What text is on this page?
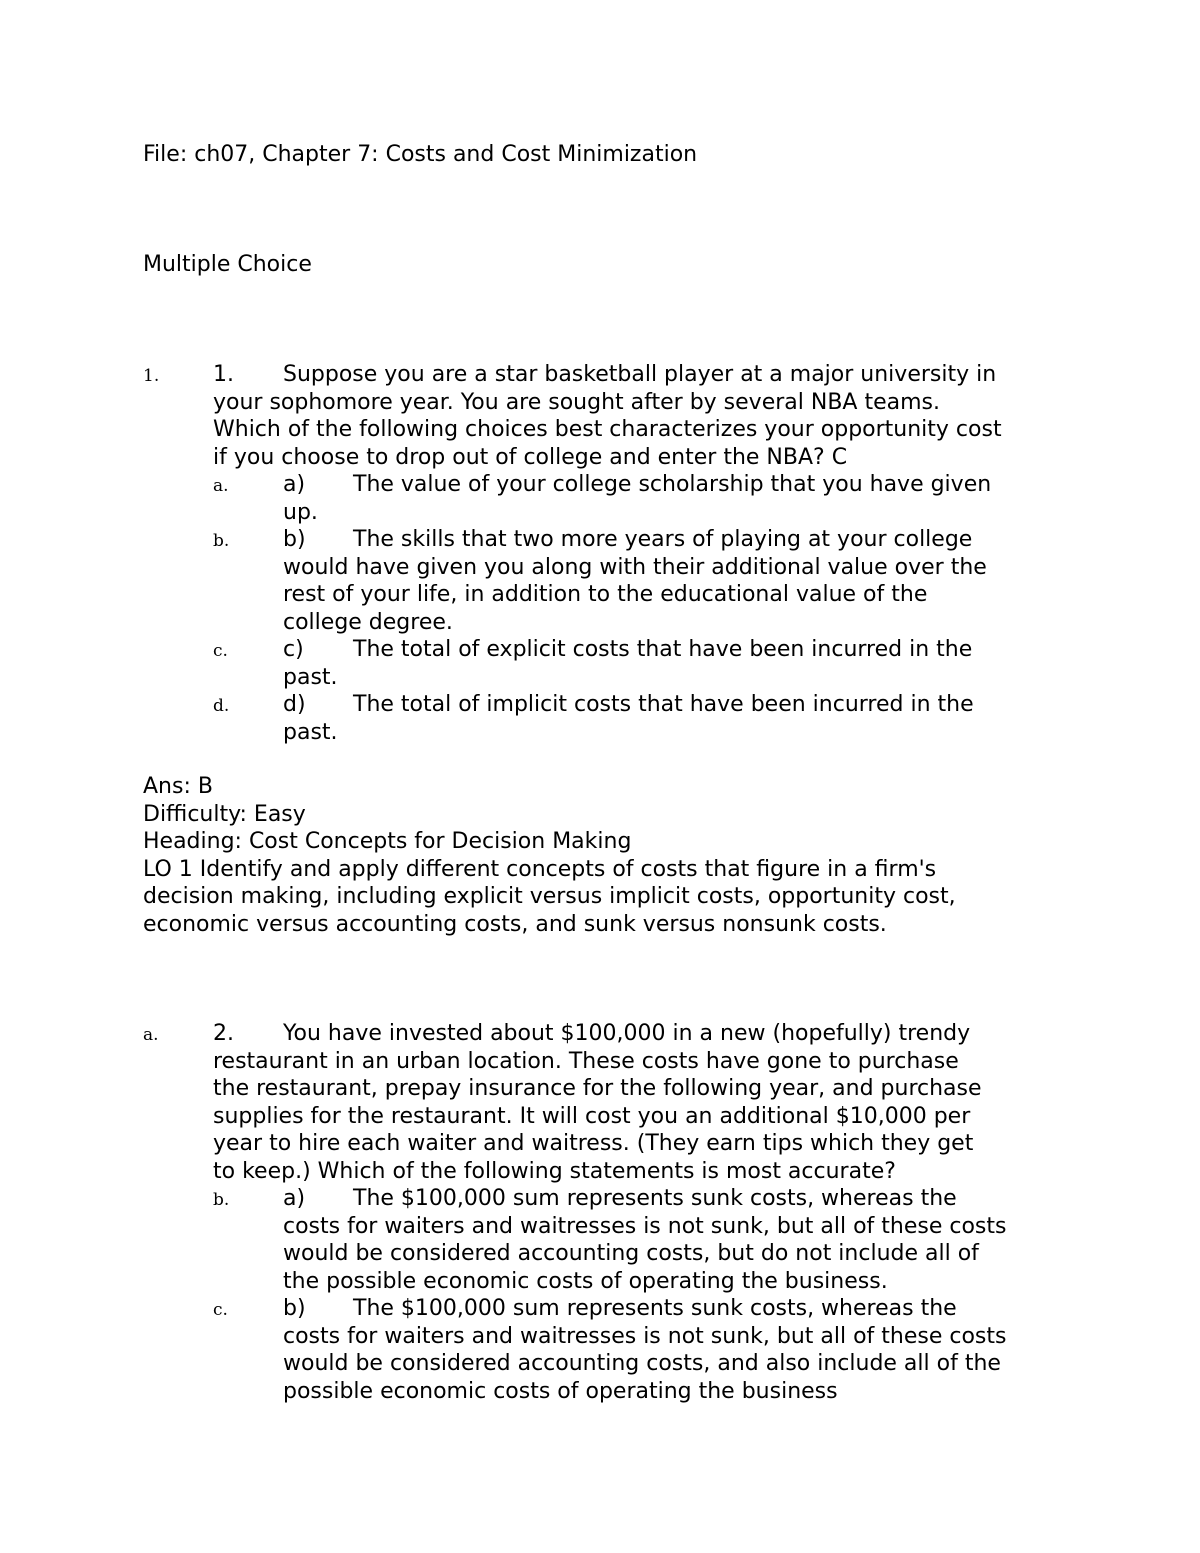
File: ch07, Chapter 7: Costs and Cost Minimization
Multiple Choice
1. 1.	Suppose you are a star basketball player at a major university in
your sophomore year. You are sought after by several NBA teams.
Which of the following choices best characterizes your opportunity cost
if you choose to drop out of college and enter the NBA? C
a. a)	The value of your college scholarship that you have given
up.
b. b)	The skills that two more years of playing at your college
would have given you along with their additional value over the
rest of your life, in addition to the educational value of the
college degree.
c.	c)	The total of explicit costs that have been incurred in the
past.
d. d)	The total of implicit costs that have been incurred in the
past.
Ans: B
Difficulty: Easy
Heading: Cost Concepts for Decision Making
LO 1 Identify and apply different concepts of costs that figure in a firm's
decision making, including explicit versus implicit costs, opportunity cost,
economic versus accounting costs, and sunk versus nonsunk costs.
a. 2.	You have invested about $100,000 in a new (hopefully) trendy
restaurant in an urban location. These costs have gone to purchase
the restaurant, prepay insurance for the following year, and purchase
supplies for the restaurant. It will cost you an additional $10,000 per
year to hire each waiter and waitress. (They earn tips which they get
to keep.) Which of the following statements is most accurate?
b. a)	The $100,000 sum represents sunk costs, whereas the
costs for waiters and waitresses is not sunk, but all of these costs
would be considered accounting costs, but do not include all of
the possible economic costs of operating the business.
c.	b)	The $100,000 sum represents sunk costs, whereas the
costs for waiters and waitresses is not sunk, but all of these costs
would be considered accounting costs, and also include all of the
possible economic costs of operating the business
